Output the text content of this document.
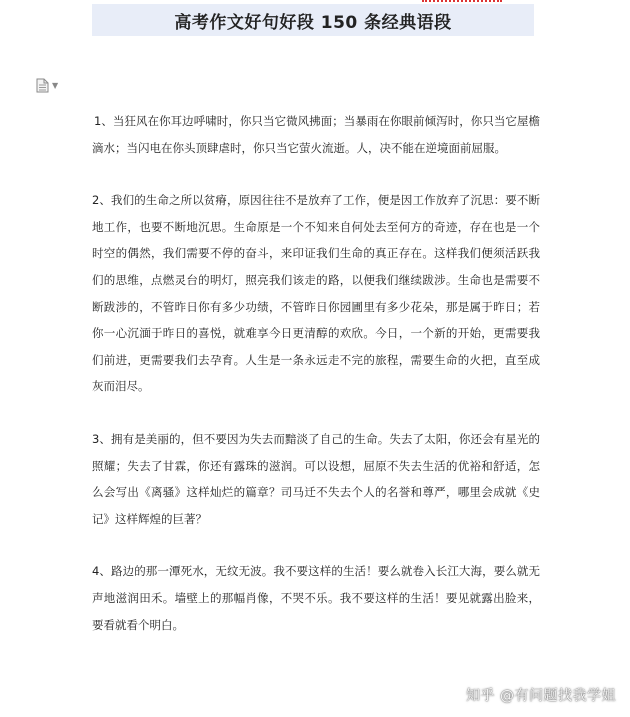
高考作文好句好段 150 条经典语段
▼

1、当狂风在你耳边呼啸时，你只当它微风拂面；当暴雨在你眼前倾泻时，你只当它屋檐滴水；当闪电在你头顶肆虐时，你只当它萤火流逝。人，决不能在逆境面前屈服。

2、我们的生命之所以贫瘠，原因往往不是放弃了工作，便是因工作放弃了沉思：要不断地工作，也要不断地沉思。生命原是一个不知来自何处去至何方的奇迹，存在也是一个时空的偶然，我们需要不停的奋斗，来印证我们生命的真正存在。这样我们便须活跃我们的思维，点燃灵台的明灯，照亮我们该走的路，以便我们继续跋涉。生命也是需要不断跋涉的，不管昨日你有多少功绩，不管昨日你园圃里有多少花朵，那是属于昨日；若你一心沉湎于昨日的喜悦，就难享今日更清醇的欢欣。今日，一个新的开始，更需要我们前进，更需要我们去孕育。人生是一条永远走不完的旅程，需要生命的火把，直至成灰而泪尽。

3、拥有是美丽的，但不要因为失去而黯淡了自己的生命。失去了太阳，你还会有星光的照耀；失去了甘霖，你还有露珠的滋润。可以设想，屈原不失去生活的优裕和舒适，怎么会写出《离骚》这样灿烂的篇章？司马迁不失去个人的名誉和尊严，哪里会成就《史记》这样辉煌的巨著？

4、路边的那一潭死水，无纹无波。我不要这样的生活！要么就卷入长江大海，要么就无声地滋润田禾。墙壁上的那幅肖像，不哭不乐。我不要这样的生活！要见就露出脸来，要看就看个明白。

知乎 @有问题找我学姐
